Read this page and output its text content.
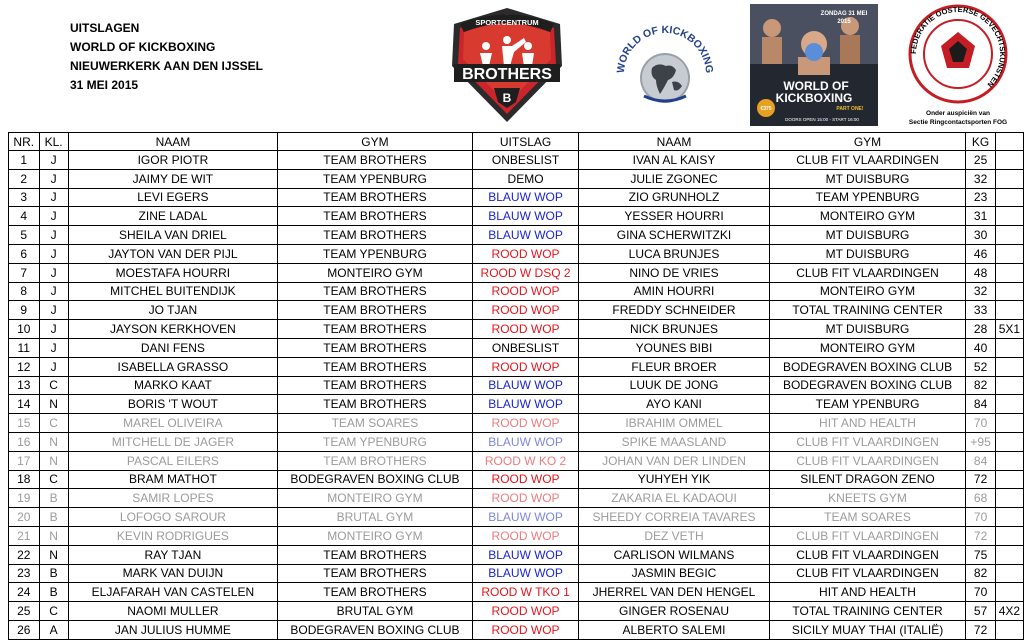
UITSLAGEN
WORLD OF KICKBOXING
NIEUWERKERK AAN DEN IJSSEL
31 MEI 2015
SPORTCENTRUM
BROTHERS
B
WORLD OF KICKBOXING
ZONDAG 31 MEI
2015
WORLD OF
KICKBOXING
PART ONE!
€375
DOORS OPEN 15:00 - START 16:00
FEDERATIE OOSTERSE GEVECHTSKUNSTEN
Onder auspiciën van
Sectie Ringcontactsporten FOG
NR.	KL.	NAAM	GYM	UITSLAG	NAAM	GYM	KG	
1	J	IGOR PIOTR	TEAM BROTHERS	ONBESLIST	IVAN AL KAISY	CLUB FIT VLAARDINGEN	25	
2	J	JAIMY DE WIT	TEAM YPENBURG	DEMO	JULIE ZGONEC	MT DUISBURG	32	
3	J	LEVI EGERS	TEAM BROTHERS	BLAUW WOP	ZIO GRUNHOLZ	TEAM YPENBURG	23	
4	J	ZINE LADAL	TEAM BROTHERS	BLAUW WOP	YESSER HOURRI	MONTEIRO GYM	31	
5	J	SHEILA VAN DRIEL	TEAM BROTHERS	BLAUW WOP	GINA SCHERWITZKI	MT DUISBURG	30	
6	J	JAYTON VAN DER PIJL	TEAM YPENBURG	ROOD WOP	LUCA BRUNJES	MT DUISBURG	46	
7	J	MOESTAFA HOURRI	MONTEIRO GYM	ROOD W DSQ 2	NINO DE VRIES	CLUB FIT VLAARDINGEN	48	
8	J	MITCHEL BUITENDIJK	TEAM BROTHERS	ROOD WOP	AMIN HOURRI	MONTEIRO GYM	32	
9	J	JO TJAN	TEAM BROTHERS	ROOD WOP	FREDDY SCHNEIDER	TOTAL TRAINING CENTER	33	
10	J	JAYSON KERKHOVEN	TEAM BROTHERS	ROOD WOP	NICK BRUNJES	MT DUISBURG	28	5X1
11	J	DANI FENS	TEAM BROTHERS	ONBESLIST	YOUNES BIBI	MONTEIRO GYM	40	
12	J	ISABELLA GRASSO	TEAM BROTHERS	ROOD WOP	FLEUR BROER	BODEGRAVEN BOXING CLUB	52	
13	C	MARKO KAAT	TEAM BROTHERS	BLAUW WOP	LUUK DE JONG	BODEGRAVEN BOXING CLUB	82	
14	N	BORIS 'T WOUT	TEAM BROTHERS	BLAUW WOP	AYO KANI	TEAM YPENBURG	84	
15	C	MAREL OLIVEIRA	TEAM SOARES	ROOD WOP	IBRAHIM OMMEL	HIT AND HEALTH	70	
16	N	MITCHELL DE JAGER	TEAM YPENBURG	BLAUW WOP	SPIKE MAASLAND	CLUB FIT VLAARDINGEN	+95	
17	N	PASCAL EILERS	TEAM BROTHERS	ROOD W KO 2	JOHAN VAN DER LINDEN	CLUB FIT VLAARDINGEN	84	
18	C	BRAM MATHOT	BODEGRAVEN BOXING CLUB	ROOD WOP	YUHYEH YIK	SILENT DRAGON ZENO	72	
19	B	SAMIR LOPES	MONTEIRO GYM	ROOD WOP	ZAKARIA EL KADAOUI	KNEETS GYM	68	
20	B	LOFOGO SAROUR	BRUTAL GYM	BLAUW WOP	SHEEDY CORREIA TAVARES	TEAM SOARES	70	
21	N	KEVIN RODRIGUES	MONTEIRO GYM	ROOD WOP	DEZ VETH	CLUB FIT VLAARDINGEN	72	
22	N	RAY TJAN	TEAM BROTHERS	BLAUW WOP	CARLISON WILMANS	CLUB FIT VLAARDINGEN	75	
23	B	MARK VAN DUIJN	TEAM BROTHERS	BLAUW WOP	JASMIN BEGIC	CLUB FIT VLAARDINGEN	82	
24	B	ELJAFARAH VAN CASTELEN	TEAM BROTHERS	ROOD W TKO 1	JHERREL VAN DEN HENGEL	HIT AND HEALTH	70	
25	C	NAOMI MULLER	BRUTAL GYM	ROOD WOP	GINGER ROSENAU	TOTAL TRAINING CENTER	57	4X2
26	A	JAN JULIUS HUMME	BODEGRAVEN BOXING CLUB	ROOD WOP	ALBERTO SALEMI	SICILY MUAY THAI (ITALIË)	72	
